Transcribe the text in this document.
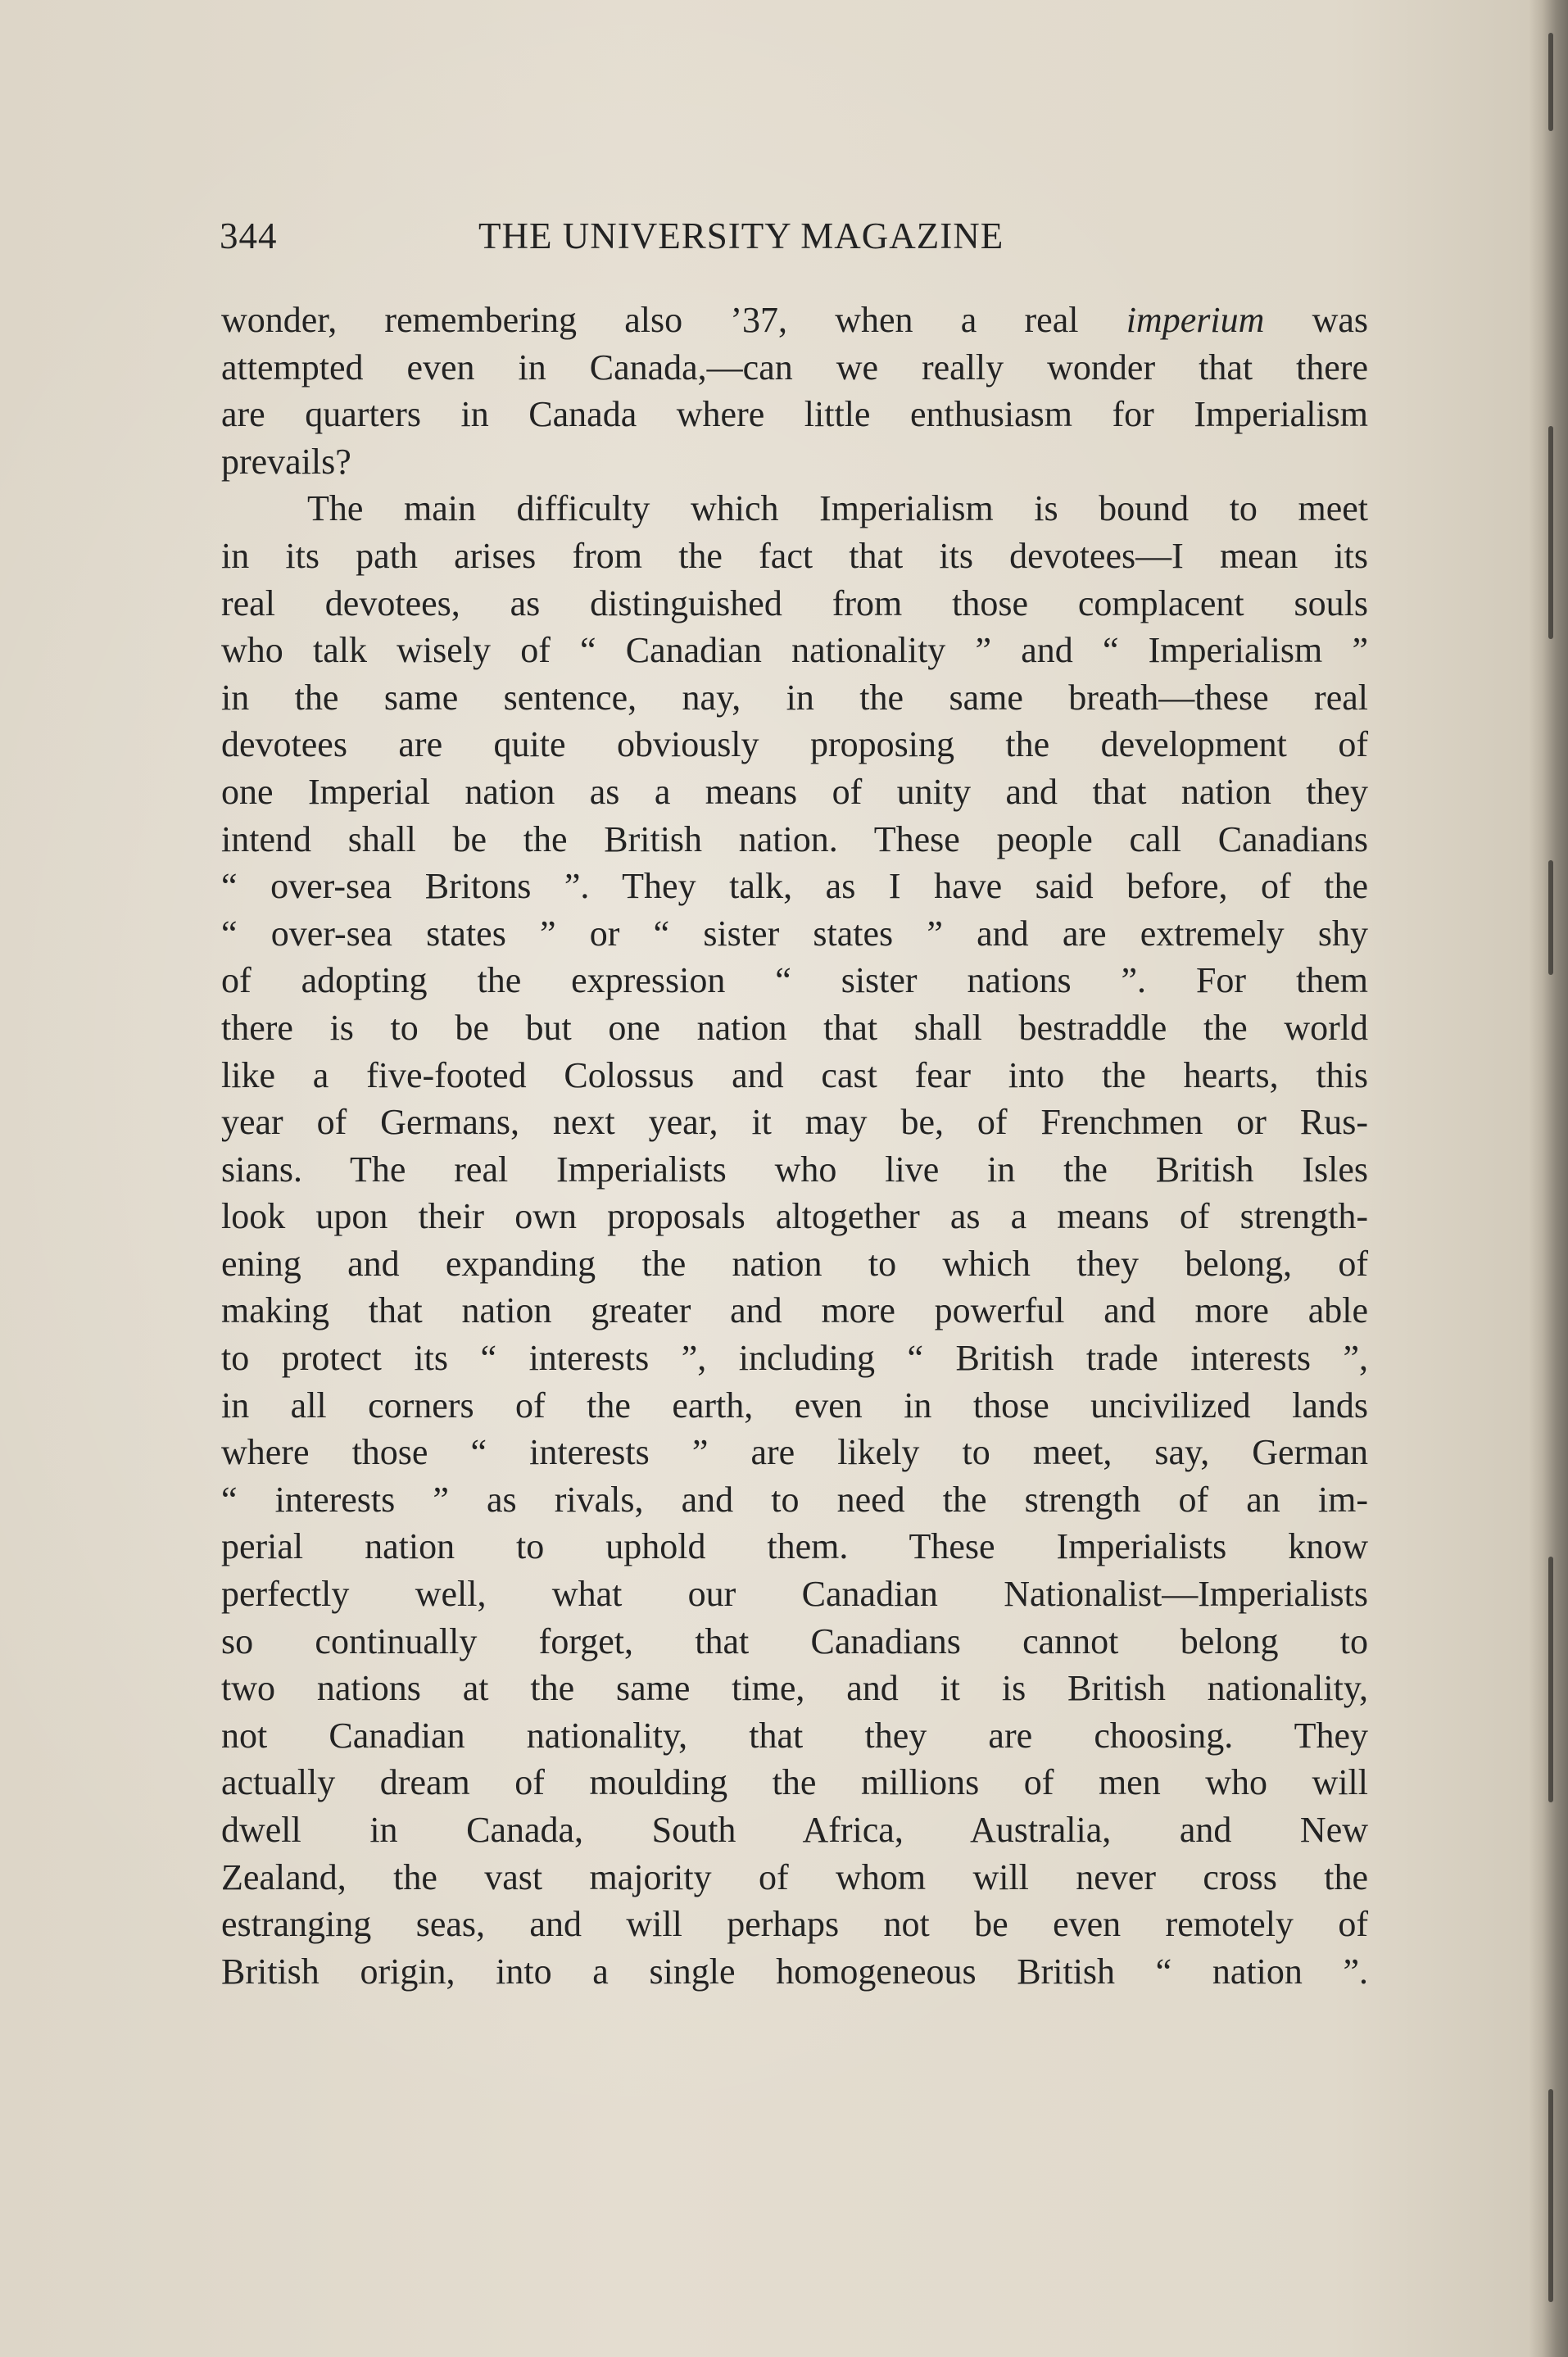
344	THE UNIVERSITY MAGAZINE
wonder, remembering also ’37, when a real imperium was
attempted even in Canada,—can we really wonder that there
are quarters in Canada where little enthusiasm for Imperialism
prevails?
The main difficulty which Imperialism is bound to meet
in its path arises from the fact that its devotees—I mean its
real devotees, as distinguished from those complacent souls
who talk wisely of “ Canadian nationality ” and “ Imperialism ”
in the same sentence, nay, in the same breath—these real
devotees are quite obviously proposing the development of
one Imperial nation as a means of unity and that nation they
intend shall be the British nation. These people call Canadians
“ over-sea Britons ”. They talk, as I have said before, of the
“ over-sea states ” or “ sister states ” and are extremely shy
of adopting the expression “ sister nations ”. For them
there is to be but one nation that shall bestraddle the world
like a five-footed Colossus and cast fear into the hearts, this
year of Germans, next year, it may be, of Frenchmen or Rus-
sians. The real Imperialists who live in the British Isles
look upon their own proposals altogether as a means of strength-
ening and expanding the nation to which they belong, of
making that nation greater and more powerful and more able
to protect its “ interests ”, including “ British trade interests ”,
in all corners of the earth, even in those uncivilized lands
where those “ interests ” are likely to meet, say, German
“ interests ” as rivals, and to need the strength of an im-
perial nation to uphold them. These Imperialists know
perfectly well, what our Canadian Nationalist—Imperialists
so continually forget, that Canadians cannot belong to
two nations at the same time, and it is British nationality,
not Canadian nationality, that they are choosing. They
actually dream of moulding the millions of men who will
dwell in Canada, South Africa, Australia, and New
Zealand, the vast majority of whom will never cross the
estranging seas, and will perhaps not be even remotely of
British origin, into a single homogeneous British “ nation ”.
